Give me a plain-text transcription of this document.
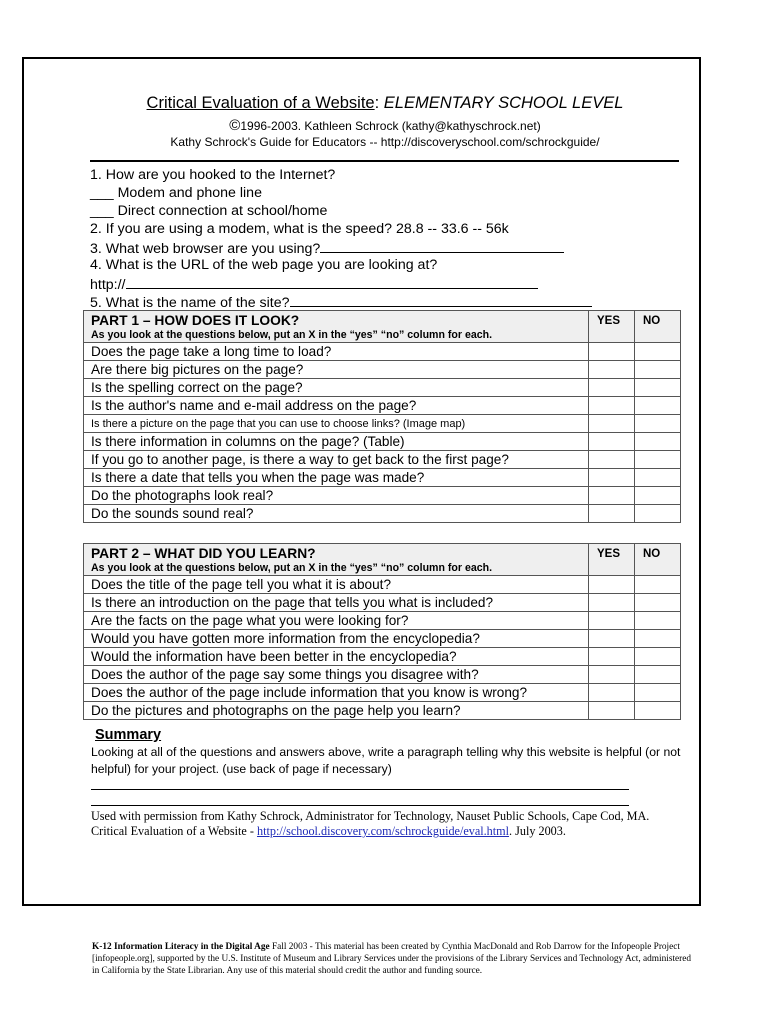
Critical Evaluation of a Website: ELEMENTARY SCHOOL LEVEL
©1996-2003. Kathleen Schrock (kathy@kathyschrock.net)
Kathy Schrock's Guide for Educators -- http://discoveryschool.com/schrockguide/
1. How are you hooked to the Internet?
___ Modem and phone line
___ Direct connection at school/home
2. If you are using a modem, what is the speed? 28.8 -- 33.6 -- 56k
3. What web browser are you using?
4. What is the URL of the web page you are looking at?
http://
5. What is the name of the site?
PART 1 – HOW DOES IT LOOK?
As you look at the questions below, put an X in the “yes” “no” column for each.	YES	NO
Does the page take a long time to load?		
Are there big pictures on the page?		
Is the spelling correct on the page?		
Is the author's name and e-mail address on the page?		
Is there a picture on the page that you can use to choose links? (Image map)		
Is there information in columns on the page? (Table)		
If you go to another page, is there a way to get back to the first page?		
Is there a date that tells you when the page was made?		
Do the photographs look real?		
Do the sounds sound real?		
PART 2 – WHAT DID YOU LEARN?
As you look at the questions below, put an X in the “yes” “no” column for each.	YES	NO
Does the title of the page tell you what it is about?		
Is there an introduction on the page that tells you what is included?		
Are the facts on the page what you were looking for?		
Would you have gotten more information from the encyclopedia?		
Would the information have been better in the encyclopedia?		
Does the author of the page say some things you disagree with?		
Does the author of the page include information that you know is wrong?		
Do the pictures and photographs on the page help you learn?		
Summary
Looking at all of the questions and answers above, write a paragraph telling why this website is helpful (or not helpful) for your project. (use back of page if necessary)
Used with permission from Kathy Schrock, Administrator for Technology, Nauset Public Schools, Cape Cod, MA.
Critical Evaluation of a Website - http://school.discovery.com/schrockguide/eval.html. July 2003.
K-12 Information Literacy in the Digital Age Fall 2003 - This material has been created by Cynthia MacDonald and Rob Darrow for the Infopeople Project [infopeople.org], supported by the U.S. Institute of Museum and Library Services under the provisions of the Library Services and Technology Act, administered in California by the State Librarian. Any use of this material should credit the author and funding source.
